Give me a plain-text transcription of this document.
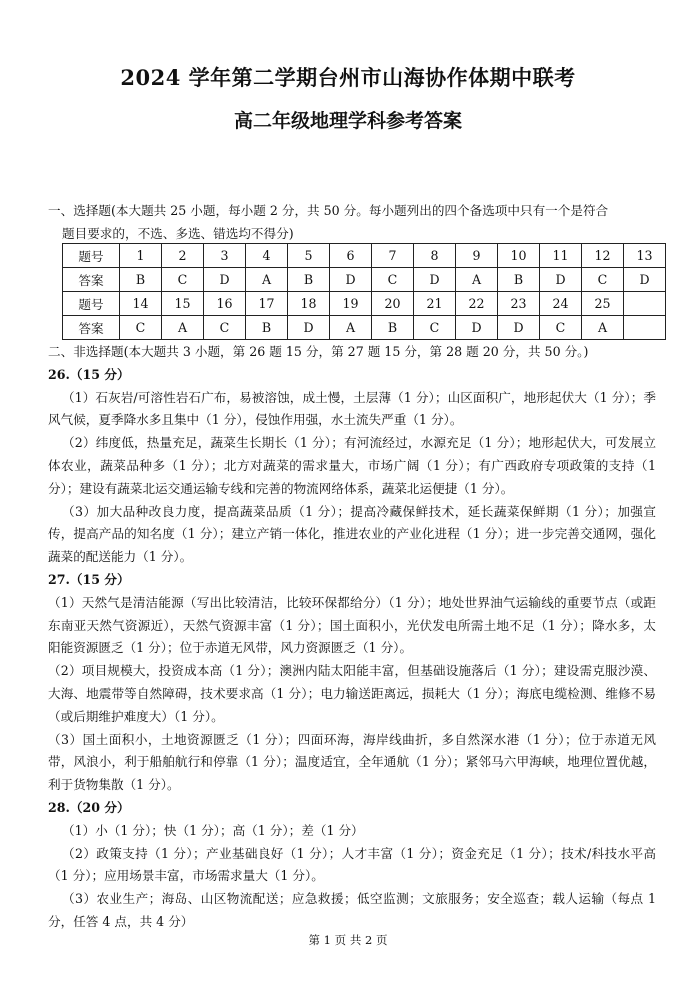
2024 学年第二学期台州市山海协作体期中联考
高二年级地理学科参考答案

一、选择题(本大题共 25 小题，每小题 2 分，共 50 分。每小题列出的四个备选项中只有一个是符合

题目要求的，不选、多选、错选均不得分)

题号	1	2	3	4	5	6	7	8	9	10	11	12	13
答案	B	C	D	A	B	D	C	D	A	B	D	C	D
题号	14	15	16	17	18	19	20	21	22	23	24	25	
答案	C	A	C	B	D	A	B	C	D	D	C	A	

二、非选择题(本大题共 3 小题，第 26 题 15 分，第 27 题 15 分，第 28 题 20 分，共 50 分。)

26.（15 分）

（1）石灰岩/可溶性岩石广布，易被溶蚀，成土慢，土层薄（1 分）；山区面积广，地形起伏大（1 分）；季风气候，夏季降水多且集中（1 分），侵蚀作用强，水土流失严重（1 分）。

（2）纬度低，热量充足，蔬菜生长期长（1 分）；有河流经过，水源充足（1 分）；地形起伏大，可发展立体农业，蔬菜品种多（1 分）；北方对蔬菜的需求量大，市场广阔（1 分）；有广西政府专项政策的支持（1 分）；建设有蔬菜北运交通运输专线和完善的物流网络体系，蔬菜北运便捷（1 分）。

（3）加大品种改良力度，提高蔬菜品质（1 分）；提高冷藏保鲜技术，延长蔬菜保鲜期（1 分）；加强宣传，提高产品的知名度（1 分）；建立产销一体化，推进农业的产业化进程（1 分）；进一步完善交通网，强化蔬菜的配送能力（1 分）。

27.（15 分）

（1）天然气是清洁能源（写出比较清洁，比较环保都给分）（1 分）；地处世界油气运输线的重要节点（或距东南亚天然气资源近），天然气资源丰富（1 分）；国土面积小，光伏发电所需土地不足（1 分）；降水多，太阳能资源匮乏（1 分）；位于赤道无风带，风力资源匮乏（1 分）。

（2）项目规模大，投资成本高（1 分）；澳洲内陆太阳能丰富，但基础设施落后（1 分）；建设需克服沙漠、大海、地震带等自然障碍，技术要求高（1 分）；电力输送距离远，损耗大（1 分）；海底电缆检测、维修不易（或后期维护难度大）（1 分）。

（3）国土面积小，土地资源匮乏（1 分）；四面环海，海岸线曲折，多自然深水港（1 分）；位于赤道无风带，风浪小，利于船舶航行和停靠（1 分）；温度适宜，全年通航（1 分）；紧邻马六甲海峡，地理位置优越，利于货物集散（1 分）。

28.（20 分）

（1）小（1 分）；快（1 分）；高（1 分）；差（1 分）

（2）政策支持（1 分）；产业基础良好（1 分）；人才丰富（1 分）；资金充足（1 分）；技术/科技水平高（1 分）；应用场景丰富，市场需求量大（1 分）。

（3）农业生产；海岛、山区物流配送；应急救援；低空监测；文旅服务；安全巡查；载人运输（每点 1 分，任答 4 点，共 4 分）

第 1 页 共 2 页
